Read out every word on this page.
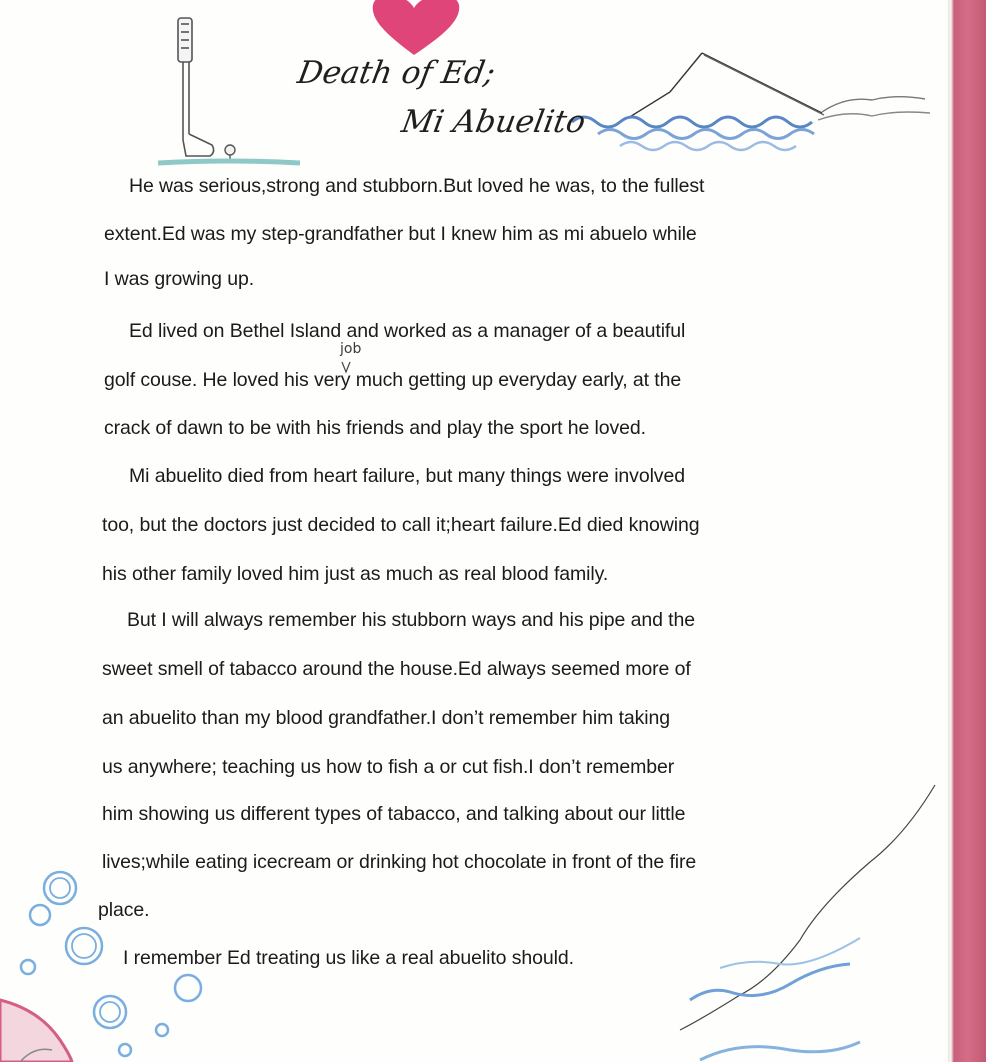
Death of Ed;
Mi Abuelito
job

He was serious,strong and stubborn.But loved he was, to the fullest

extent.Ed was my step-grandfather but I knew him as mi abuelo while

I was growing up.

Ed lived on Bethel Island and worked as a manager of a beautiful

golf couse. He loved his very much getting up everyday early, at the

crack of dawn to be with his friends and play the sport he loved.

Mi abuelito died from heart failure, but many things were involved

too, but the doctors just decided to call it;heart failure.Ed died knowing

his other family loved him just as much as real blood family.

But I will always remember his stubborn ways and his pipe and the

sweet smell of tabacco around the house.Ed always seemed more of

an abuelito than my blood grandfather.I don’t remember him taking

us anywhere; teaching us how to fish a or cut fish.I don’t remember

him showing us different types of tabacco, and talking about our little

lives;while eating icecream or drinking hot chocolate in front of the fire

place.

I remember Ed treating us like a real abuelito should.
